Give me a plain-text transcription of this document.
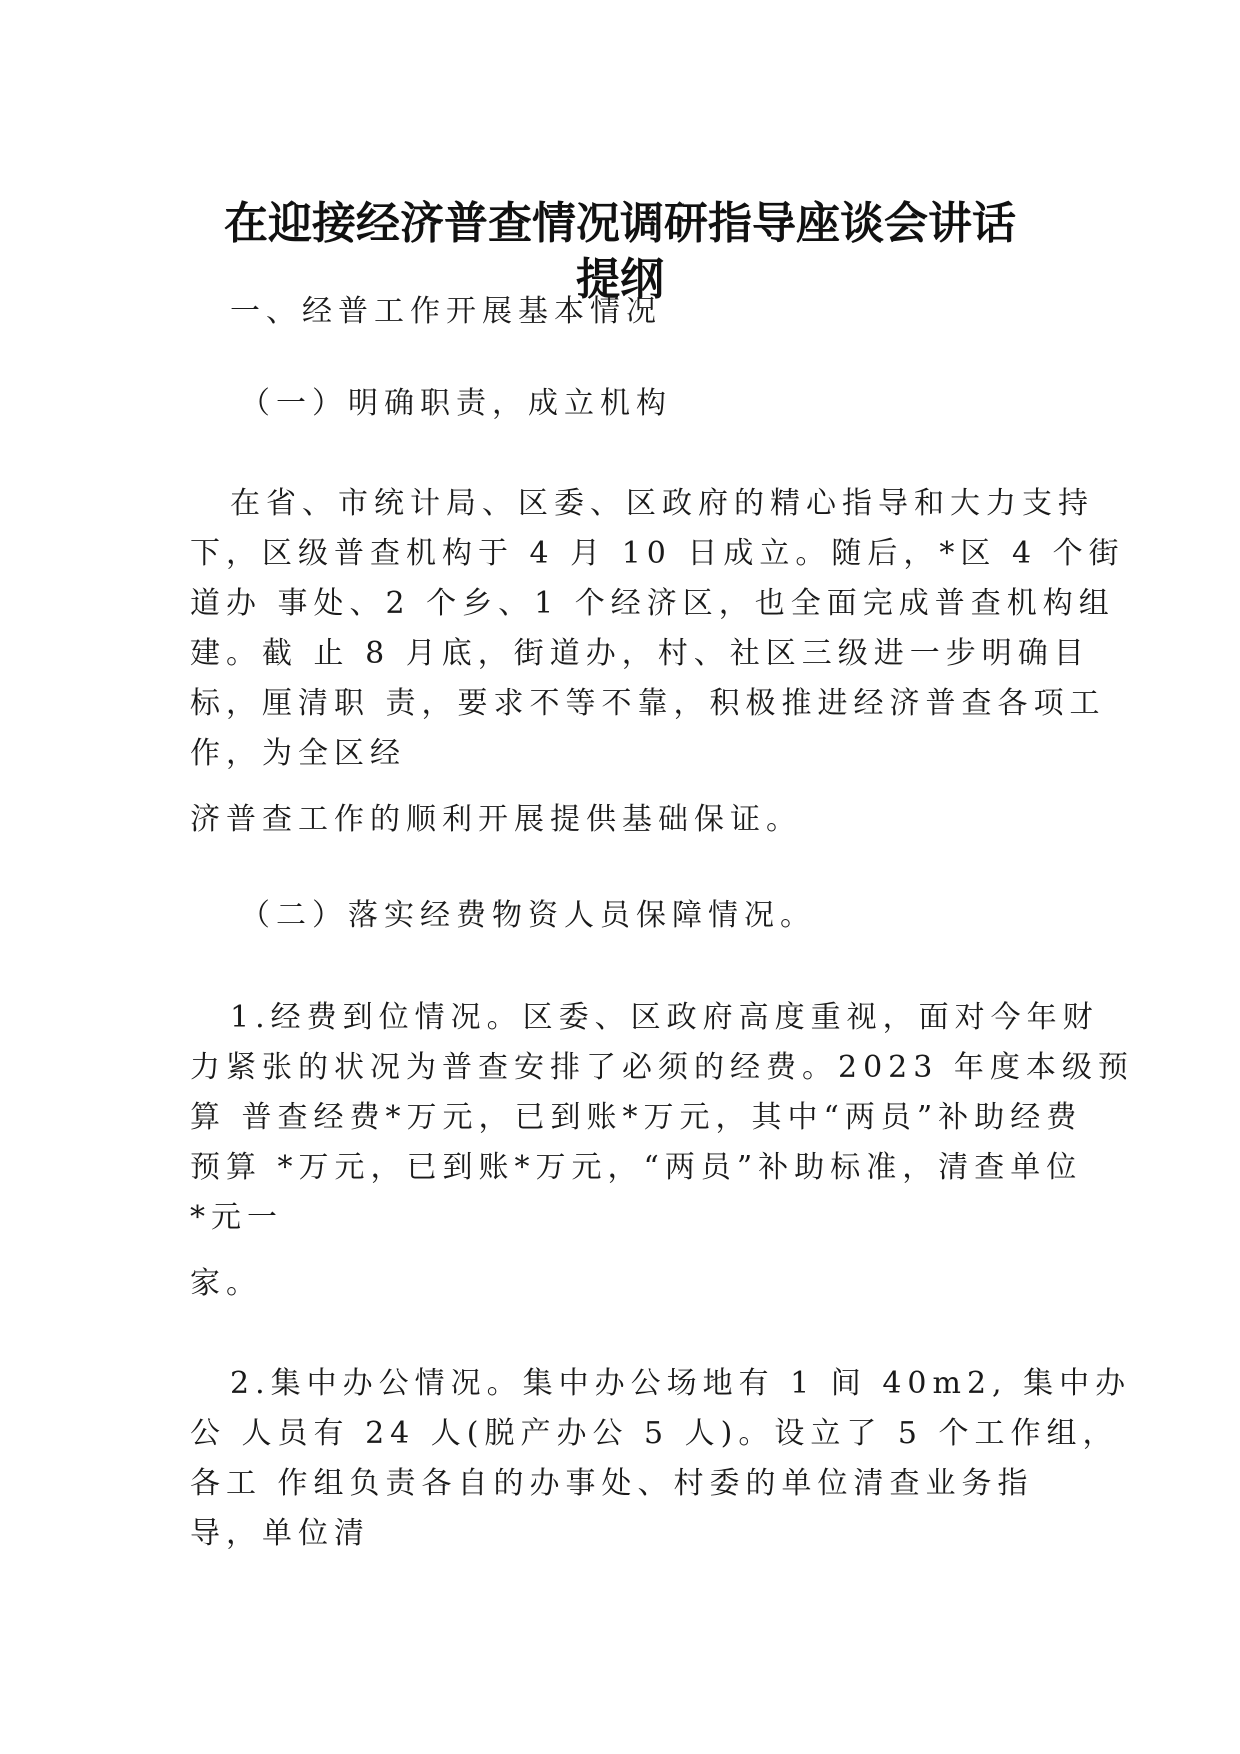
在迎接经济普查情况调研指导座谈会讲话
提纲

一、经普工作开展基本情况

（一）明确职责，成立机构

在省、市统计局、区委、区政府的精心指导和大力支持

下，区级普查机构于 4 月 10 日成立。随后，*区 4 个街

道办 事处、2 个乡、1 个经济区，也全面完成普查机构组

建。截 止 8 月底，街道办，村、社区三级进一步明确目

标，厘清职 责，要求不等不靠，积极推进经济普查各项工

作，为全区经

济普查工作的顺利开展提供基础保证。

（二）落实经费物资人员保障情况。

1.经费到位情况。区委、区政府高度重视，面对今年财

力紧张的状况为普查安排了必须的经费。2023 年度本级预

算 普查经费*万元，已到账*万元，其中“两员”补助经费

预算 *万元，已到账*万元，“两员”补助标准，清查单位

*元一

家。

2.集中办公情况。集中办公场地有 1 间 40m2, 集中办

公 人员有 24 人(脱产办公 5 人)。设立了 5 个工作组，

各工 作组负责各自的办事处、村委的单位清查业务指

导，单位清
